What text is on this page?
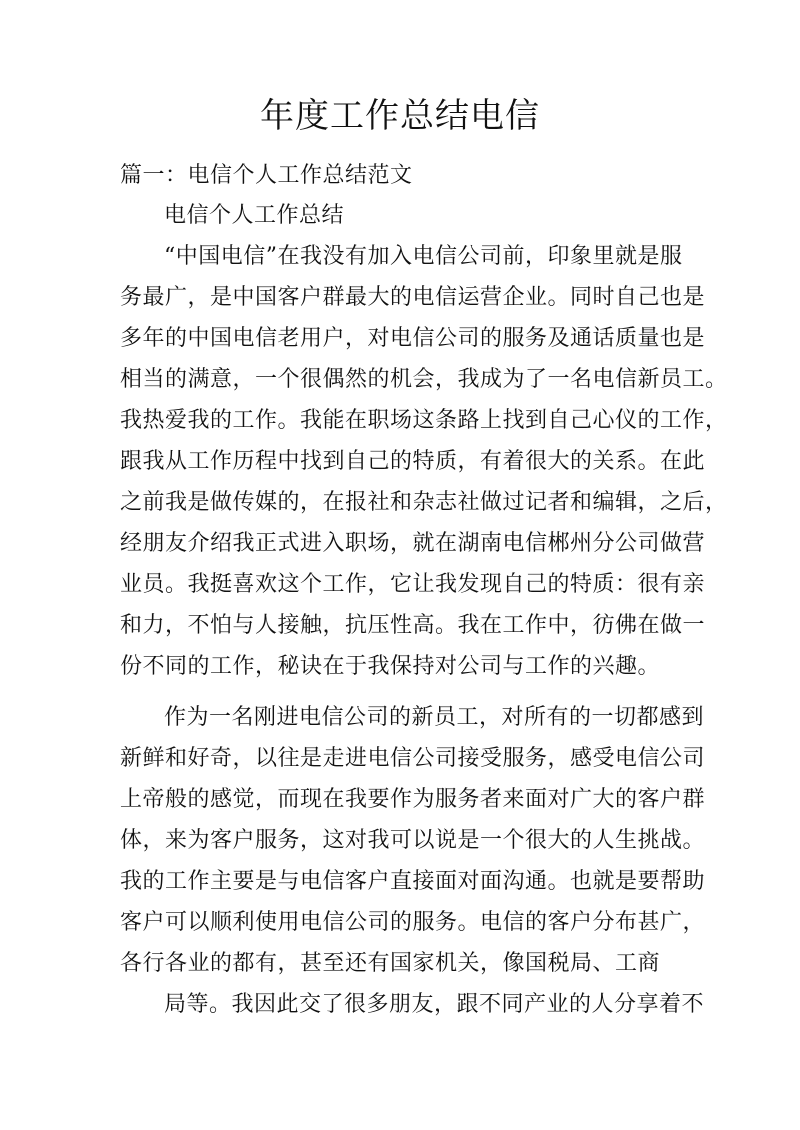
年度工作总结电信

篇一：电信个人工作总结范文

电信个人工作总结

“中国电信”在我没有加入电信公司前，印象里就是服

务最广，是中国客户群最大的电信运营企业。同时自己也是

多年的中国电信老用户，对电信公司的服务及通话质量也是

相当的满意，一个很偶然的机会，我成为了一名电信新员工。

我热爱我的工作。我能在职场这条路上找到自己心仪的工作，

跟我从工作历程中找到自己的特质，有着很大的关系。在此

之前我是做传媒的，在报社和杂志社做过记者和编辑，之后，

经朋友介绍我正式进入职场，就在湖南电信郴州分公司做营

业员。我挺喜欢这个工作，它让我发现自己的特质：很有亲

和力，不怕与人接触，抗压性高。我在工作中，彷佛在做一

份不同的工作，秘诀在于我保持对公司与工作的兴趣。

作为一名刚进电信公司的新员工，对所有的一切都感到

新鲜和好奇，以往是走进电信公司接受服务，感受电信公司

上帝般的感觉，而现在我要作为服务者来面对广大的客户群

体，来为客户服务，这对我可以说是一个很大的人生挑战。

我的工作主要是与电信客户直接面对面沟通。也就是要帮助

客户可以顺利使用电信公司的服务。电信的客户分布甚广，

各行各业的都有，甚至还有国家机关，像国税局、工商

局等。我因此交了很多朋友，跟不同产业的人分享着不
